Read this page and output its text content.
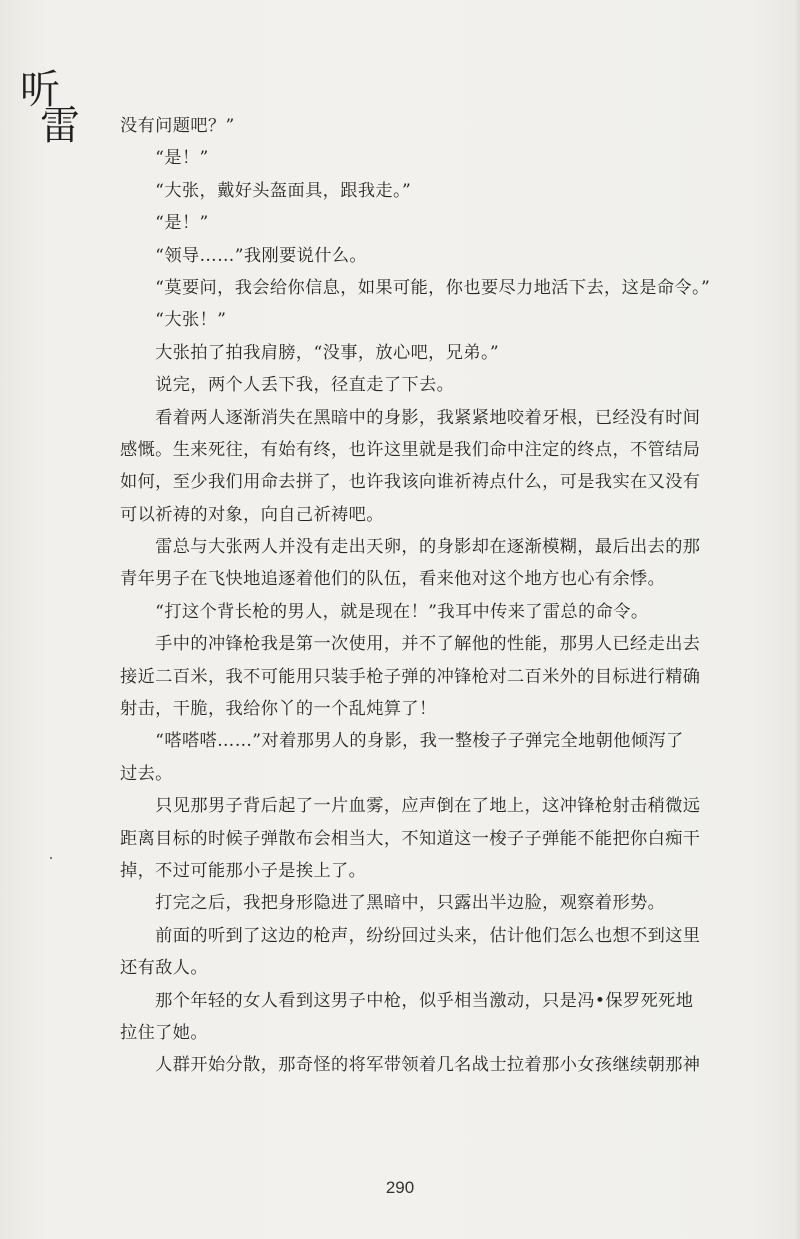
听
雷 没有问题吧？”
　　“是！”
　　“大张，戴好头盔面具，跟我走。”
　　“是！”
　　“领导……”我刚要说什么。
　　“莫要问，我会给你信息，如果可能，你也要尽力地活下去，这是命令。”
　　“大张！”
　　大张拍了拍我肩膀，“没事，放心吧，兄弟。”
　　说完，两个人丢下我，径直走了下去。
　　看着两人逐渐消失在黑暗中的身影，我紧紧地咬着牙根，已经没有时间
感慨。生来死往，有始有终，也许这里就是我们命中注定的终点，不管结局
如何，至少我们用命去拼了，也许我该向谁祈祷点什么，可是我实在又没有
可以祈祷的对象，向自己祈祷吧。
　　雷总与大张两人并没有走出天卵，的身影却在逐渐模糊，最后出去的那
青年男子在飞快地追逐着他们的队伍，看来他对这个地方也心有余悸。
　　“打这个背长枪的男人，就是现在！”我耳中传来了雷总的命令。
　　手中的冲锋枪我是第一次使用，并不了解他的性能，那男人已经走出去
接近二百米，我不可能用只装手枪子弹的冲锋枪对二百米外的目标进行精确
射击，干脆，我给你丫的一个乱炖算了！
　　“嗒嗒嗒……”对着那男人的身影，我一整梭子子弹完全地朝他倾泻了
过去。
　　只见那男子背后起了一片血雾，应声倒在了地上，这冲锋枪射击稍微远
距离目标的时候子弹散布会相当大，不知道这一梭子子弹能不能把你白痴干
掉，不过可能那小子是挨上了。
　　打完之后，我把身形隐进了黑暗中，只露出半边脸，观察着形势。
　　前面的听到了这边的枪声，纷纷回过头来，估计他们怎么也想不到这里
还有敌人。
　　那个年轻的女人看到这男子中枪，似乎相当激动，只是冯•保罗死死地
拉住了她。
　　人群开始分散，那奇怪的将军带领着几名战士拉着那小女孩继续朝那神
290
